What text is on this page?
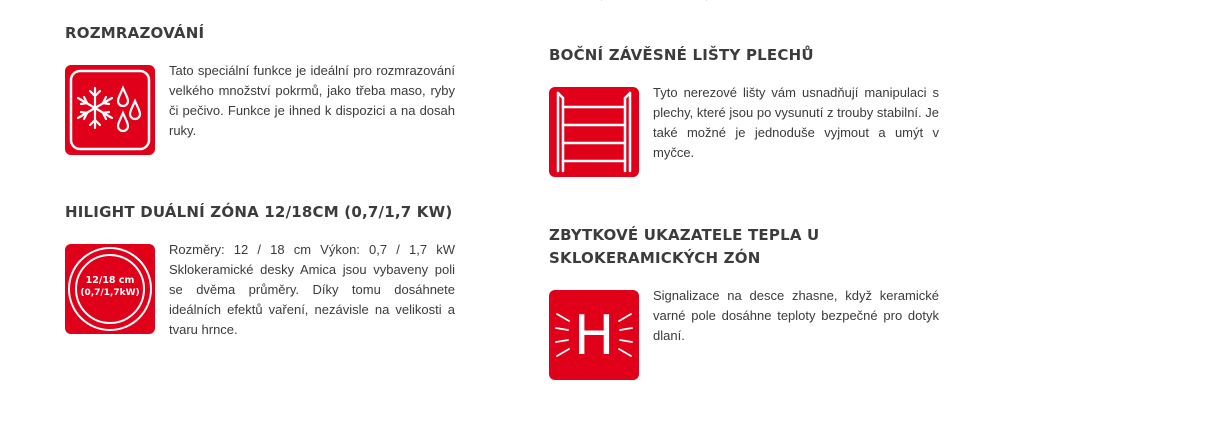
ROZMRAZOVÁNÍ

Tato speciální funkce je ideální pro rozmrazování velkého množství pokrmů, jako třeba maso, ryby či pečivo. Funkce je ihned k dispozici a na dosah ruky.

HILIGHT DUÁLNÍ ZÓNA 12/18CM (0,7/1,7 KW)
12/18 cm
(0,7/1,7kW)

Rozměry: 12 / 18 cm Výkon: 0,7 / 1,7 kW Sklokeramické desky Amica jsou vybaveny poli se dvěma průměry. Díky tomu dosáhnete ideálních efektů vaření, nezávisle na velikosti a tvaru hrnce.

BOČNÍ ZÁVĚSNÉ LIŠTY PLECHŮ

Tyto nerezové lišty vám usnadňují manipulaci s plechy, které jsou po vysunutí z trouby stabilní. Je také možné je jednoduše vyjmout a umýt v myčce.

ZBYTKOVÉ UKAZATELE TEPLA U
SKLOKERAMICKÝCH ZÓN
H

Signalizace na desce zhasne, když keramické varné pole dosáhne teploty bezpečné pro dotyk dlaní.
